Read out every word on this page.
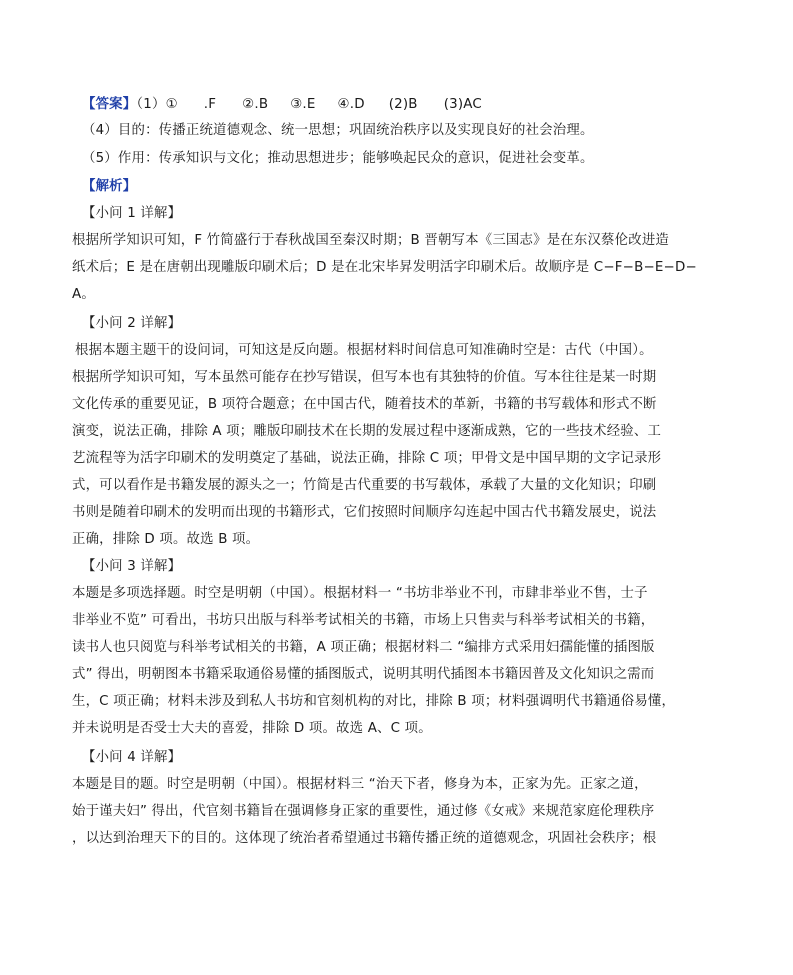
【答案】（1）① .F ②.B ③.E ④.D (2)B (3)AC
（4）目的：传播正统道德观念、统一思想；巩固统治秩序以及实现良好的社会治理。
（5）作用：传承知识与文化；推动思想进步；能够唤起民众的意识，促进社会变革。
【解析】
【小问 1 详解】
根据所学知识可知，F 竹简盛行于春秋战国至秦汉时期；B 晋朝写本《三国志》是在东汉蔡伦改进造
纸术后；E 是在唐朝出现雕版印刷术后；D 是在北宋毕昇发明活字印刷术后。故顺序是 C−F−B−E−D−
A。
【小问 2 详解】
根据本题主题干的设问词，可知这是反向题。根据材料时间信息可知准确时空是：古代（中国）。
根据所学知识可知，写本虽然可能存在抄写错误，但写本也有其独特的价值。写本往往是某一时期
文化传承的重要见证，B 项符合题意；在中国古代，随着技术的革新，书籍的书写载体和形式不断
演变，说法正确，排除 A 项；雕版印刷技术在长期的发展过程中逐渐成熟，它的一些技术经验、工
艺流程等为活字印刷术的发明奠定了基础，说法正确，排除 C 项；甲骨文是中国早期的文字记录形
式，可以看作是书籍发展的源头之一；竹简是古代重要的书写载体，承载了大量的文化知识；印刷
书则是随着印刷术的发明而出现的书籍形式，它们按照时间顺序勾连起中国古代书籍发展史，说法
正确，排除 D 项。故选 B 项。
【小问 3 详解】
本题是多项选择题。时空是明朝（中国）。根据材料一 “书坊非举业不刊，市肆非举业不售，士子
非举业不览” 可看出，书坊只出版与科举考试相关的书籍，市场上只售卖与科举考试相关的书籍，
读书人也只阅览与科举考试相关的书籍，A 项正确；根据材料二 “编排方式采用妇孺能懂的插图版
式” 得出，明朝图本书籍采取通俗易懂的插图版式，说明其明代插图本书籍因普及文化知识之需而
生，C 项正确；材料未涉及到私人书坊和官刻机构的对比，排除 B 项；材料强调明代书籍通俗易懂，
并未说明是否受士大夫的喜爱，排除 D 项。故选 A、C 项。
【小问 4 详解】
本题是目的题。时空是明朝（中国）。根据材料三 “治天下者，修身为本，正家为先。正家之道，
始于谨夫妇” 得出，代官刻书籍旨在强调修身正家的重要性，通过修《女戒》来规范家庭伦理秩序
，以达到治理天下的目的。这体现了统治者希望通过书籍传播正统的道德观念，巩固社会秩序；根
